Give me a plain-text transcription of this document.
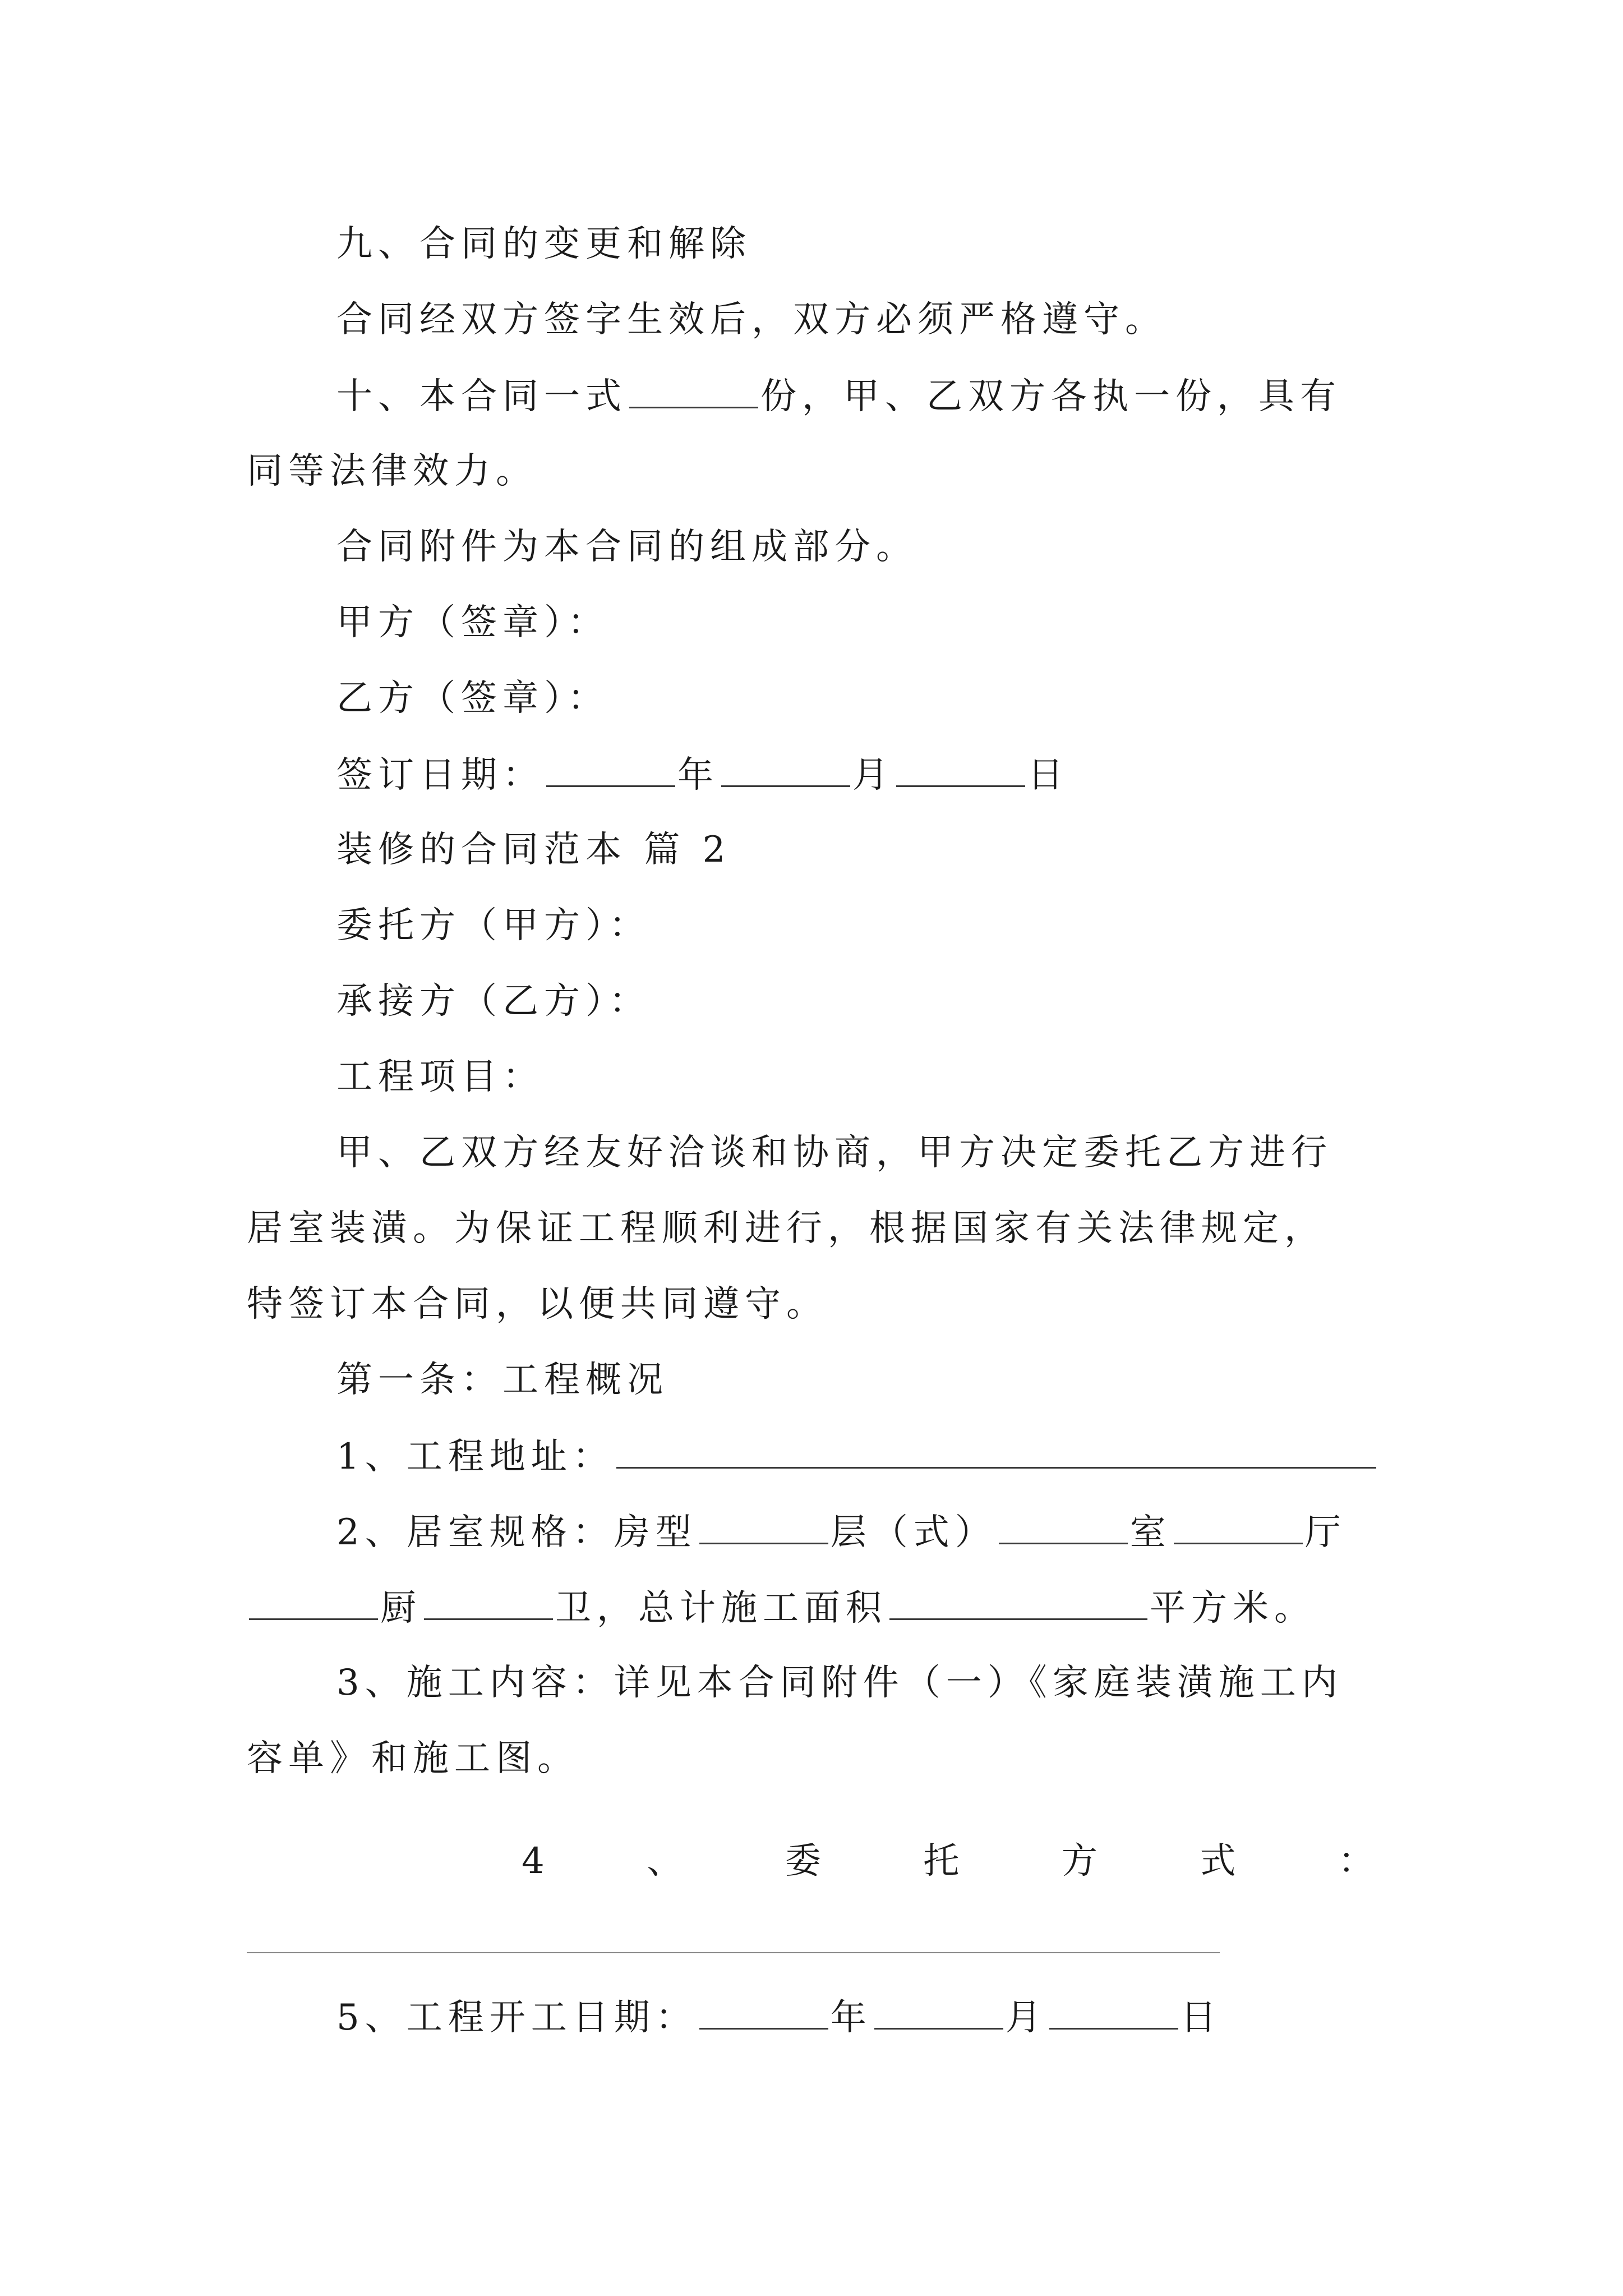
九、合同的变更和解除
合同经双方签字生效后，双方必须严格遵守。
十、本合同一式	份，甲、乙双方各执一份，具有
同等法律效力。
合同附件为本合同的组成部分。
甲方（签章）：
乙方（签章）：
签订日期：	年	月	日
装修的合同范本 篇 2
委托方（甲方）：
承接方（乙方）：
工程项目：
甲、乙双方经友好洽谈和协商，甲方决定委托乙方进行
居室装潢。为保证工程顺利进行，根据国家有关法律规定，
特签订本合同，以便共同遵守。
第一条：工程概况
1、工程地址：
2、居室规格：房型	层（式）	室	厅
厨	卫，总计施工面积	平方米。
3、施工内容：详见本合同附件（一）《家庭装潢施工内
容单》和施工图。
4	、	委	托	方	式	：
5、工程开工日期：	年	月	日
